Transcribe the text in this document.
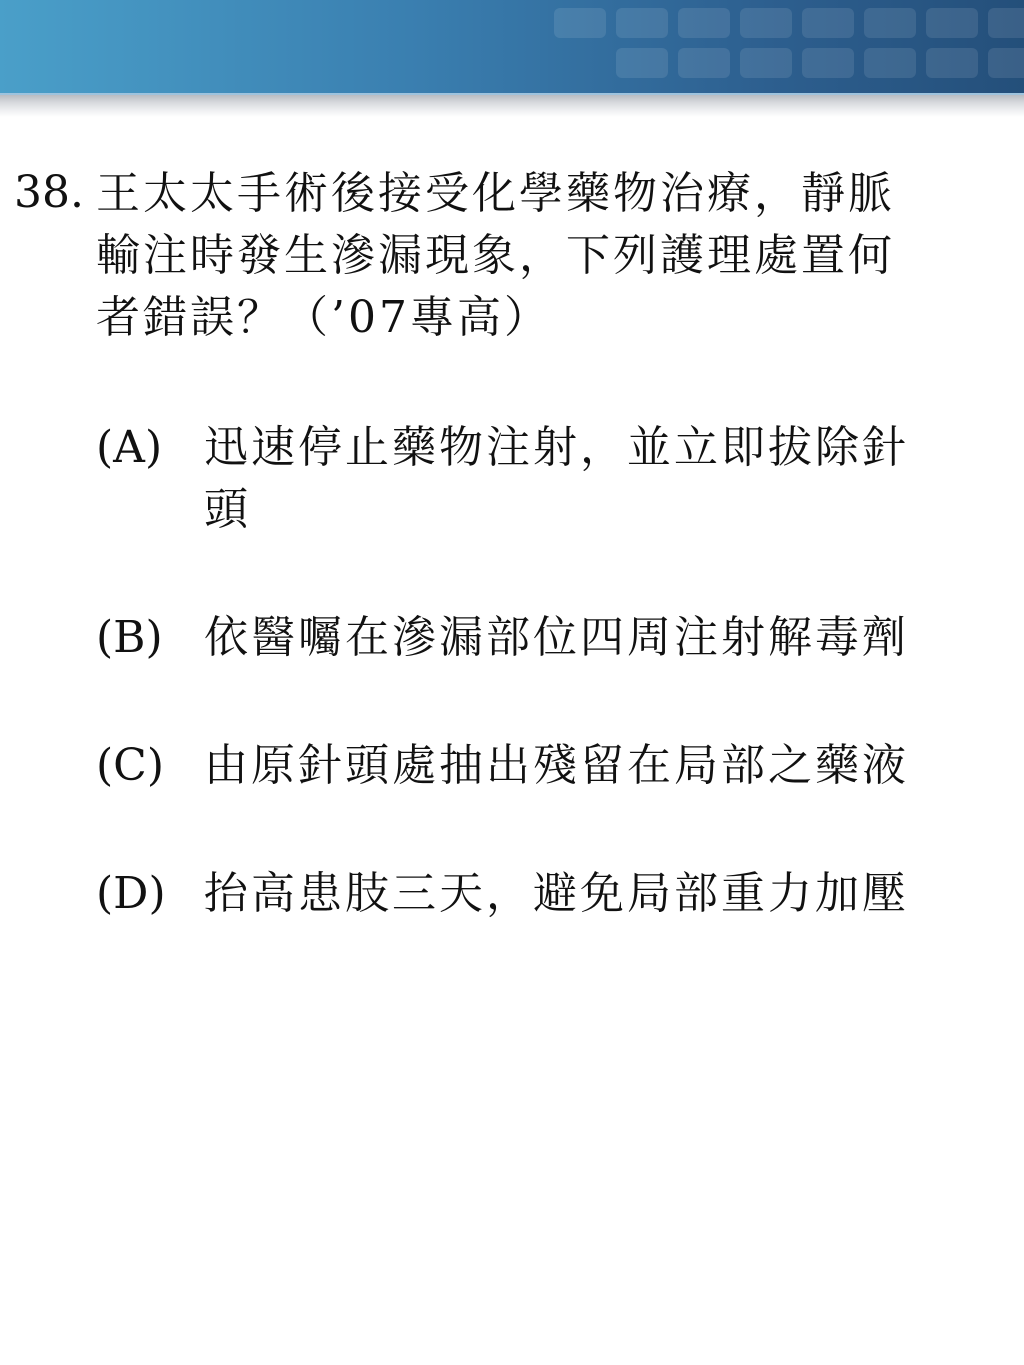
38. 王太太手術後接受化學藥物治療，靜脈
輸注時發生滲漏現象，下列護理處置何
者錯誤？（’07專高）
(A) 迅速停止藥物注射，並立即拔除針
頭
(B) 依醫囑在滲漏部位四周注射解毒劑
(C) 由原針頭處抽出殘留在局部之藥液
(D) 抬高患肢三天，避免局部重力加壓
